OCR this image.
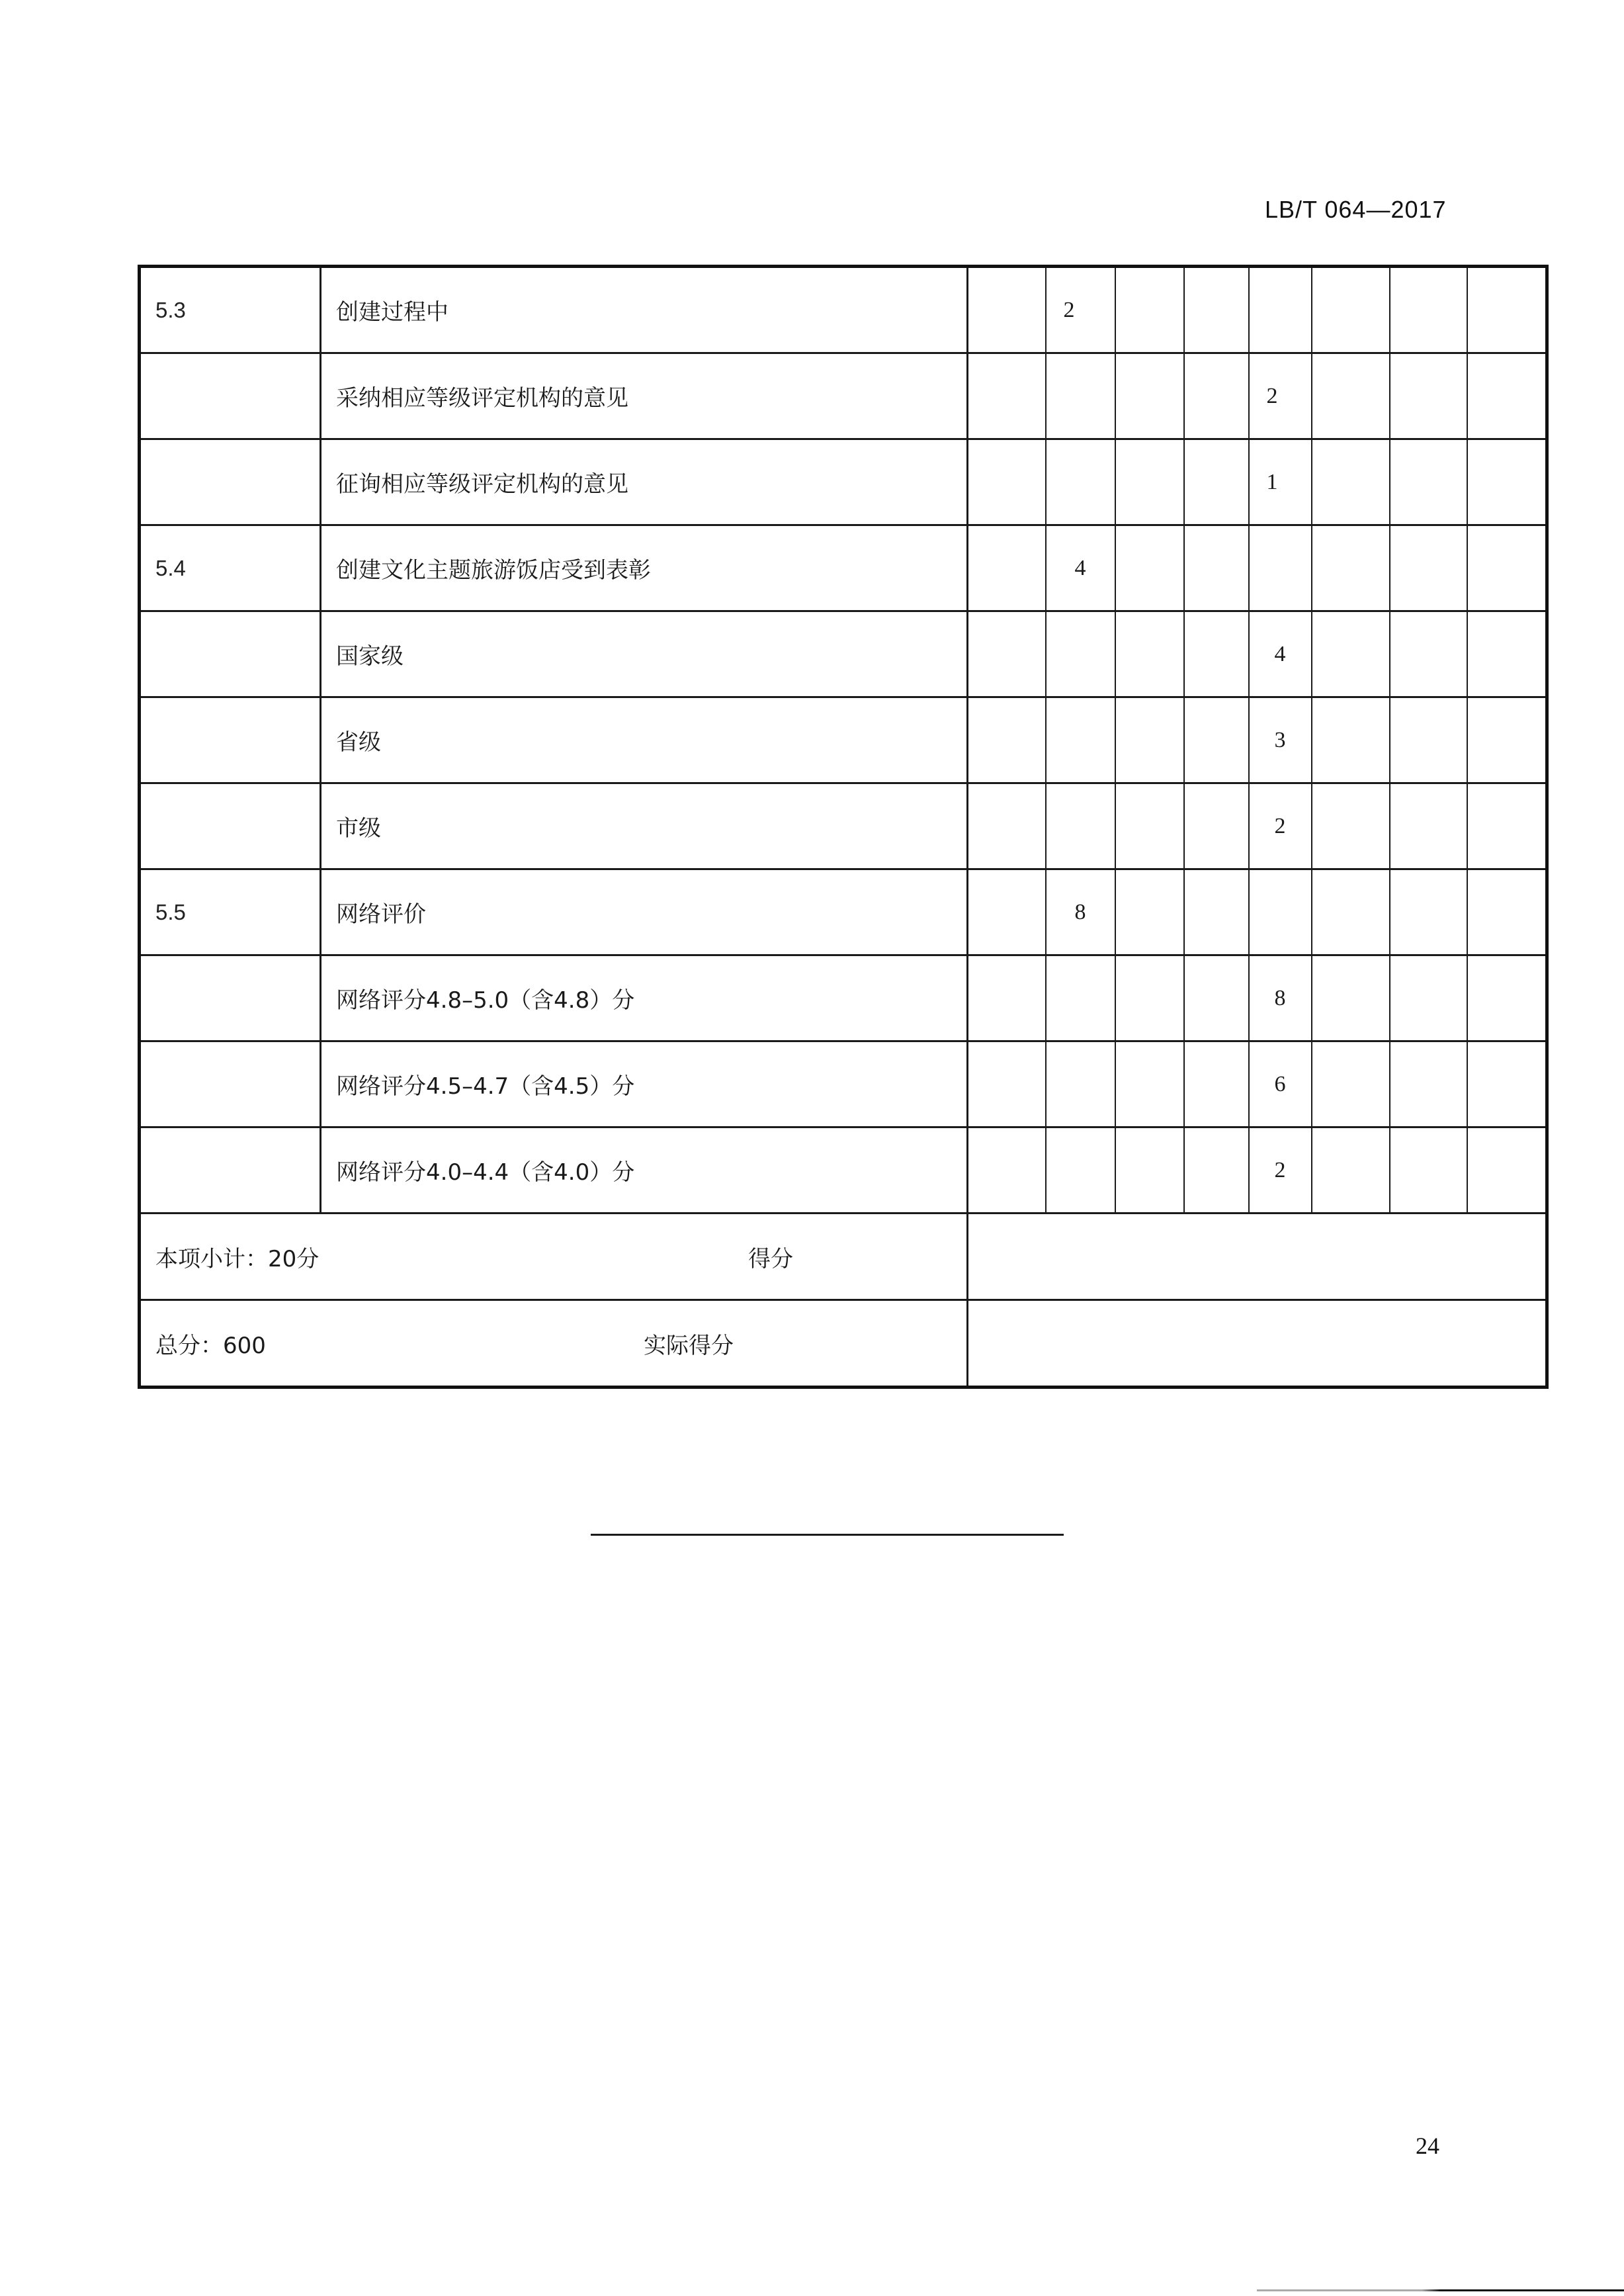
LB/T 064—2017
5.3	创建过程中		2						
	采纳相应等级评定机构的意见					2			
	征询相应等级评定机构的意见					1			
5.4	创建文化主题旅游饭店受到表彰		4						
	国家级					4			
	省级					3			
	市级					2			
5.5	网络评价		8						
	网络评分4.8–5.0（含4.8）分					8			
	网络评分4.5–4.7（含4.5）分					6			
	网络评分4.0–4.4（含4.0）分					2			

本项小计：20分 得分									

总分：600 实际得分									

24
